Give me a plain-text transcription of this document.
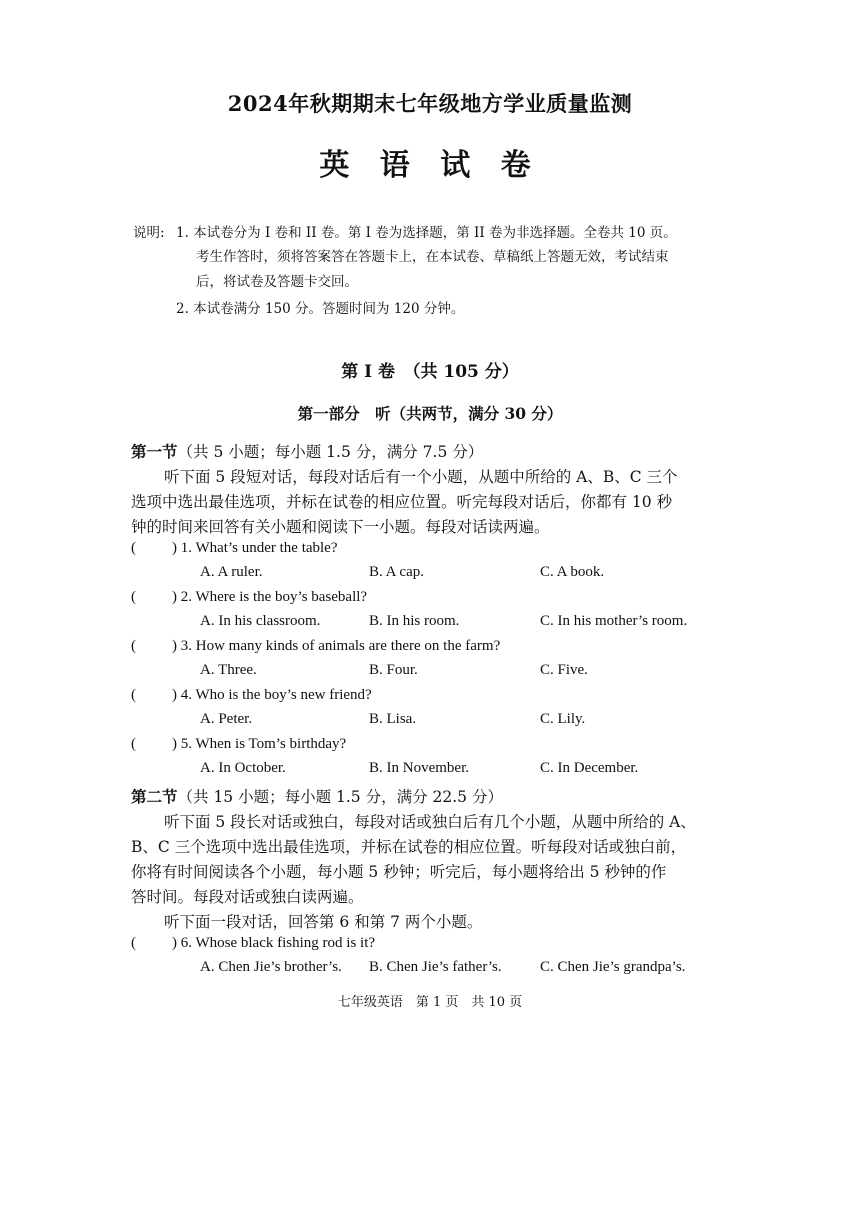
2024年秋期期末七年级地方学业质量监测
英 语 试 卷
说明: 1. 本试卷分为 I 卷和 II 卷。第 I 卷为选择题，第 II 卷为非选择题。全卷共 10 页。
考生作答时，须将答案答在答题卡上，在本试卷、草稿纸上答题无效，考试结束
后，将试卷及答题卡交回。
2. 本试卷满分 150 分。答题时间为 120 分钟。
第 I 卷　（共 105 分）
第一部分　听（共两节，满分 30 分）
第一节（共 5 小题；每小题 1.5 分，满分 7.5 分）
听下面 5 段短对话，每段对话后有一个小题，从题中所给的 A、B、C 三个
选项中选出最佳选项，并标在试卷的相应位置。听完每段对话后，你都有 10 秒
钟的时间来回答有关小题和阅读下一小题。每段对话读两遍。
( ) 1. What’s under the table?
A. A ruler.	B. A cap.	C. A book.
( ) 2. Where is the boy’s baseball?
A. In his classroom.	B. In his room.	C. In his mother’s room.
( ) 3. How many kinds of animals are there on the farm?
A. Three.	B. Four.	C. Five.
( ) 4. Who is the boy’s new friend?
A. Peter.	B. Lisa.	C. Lily.
( ) 5. When is Tom’s birthday?
A. In October.	B. In November.	C. In December.
第二节（共 15 小题；每小题 1.5 分，满分 22.5 分）
听下面 5 段长对话或独白，每段对话或独白后有几个小题，从题中所给的 A、
B、C 三个选项中选出最佳选项，并标在试卷的相应位置。听每段对话或独白前，
你将有时间阅读各个小题，每小题 5 秒钟；听完后，每小题将给出 5 秒钟的作
答时间。每段对话或独白读两遍。
听下面一段对话，回答第 6 和第 7 两个小题。
( ) 6. Whose black fishing rod is it?
A. Chen Jie’s brother’s. B. Chen Jie’s father’s.	C. Chen Jie’s grandpa’s.
七年级英语　第 1 页　共 10 页
